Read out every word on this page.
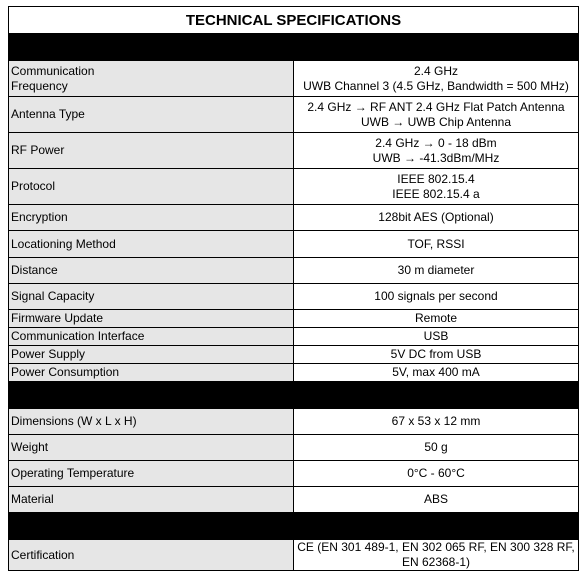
TECHNICAL SPECIFICATIONS	

Communication
Frequency	2.4 GHz
UWB Channel 3 (4.5 GHz, Bandwidth = 500 MHz)

Antenna Type	2.4 GHz → RF ANT 2.4 GHz Flat Patch Antenna
UWB → UWB Chip Antenna

RF Power	2.4 GHz → 0 - 18 dBm
UWB → -41.3dBm/MHz

Protocol	IEEE 802.15.4
IEEE 802.15.4 a

Encryption	128bit AES (Optional)
Locationing Method	TOF, RSSI
Distance	30 m diameter
Signal Capacity	100 signals per second
Firmware Update	Remote
Communication Interface	USB
Power Supply	5V DC from USB
Power Consumption	5V, max 400 mA

Dimensions (W x L x H)	67 x 53 x 12 mm
Weight	50 g
Operating Temperature	0°C - 60°C
Material	ABS

Certification	CE (EN 301 489-1, EN 302 065 RF, EN 300 328 RF, EN 62368-1)
